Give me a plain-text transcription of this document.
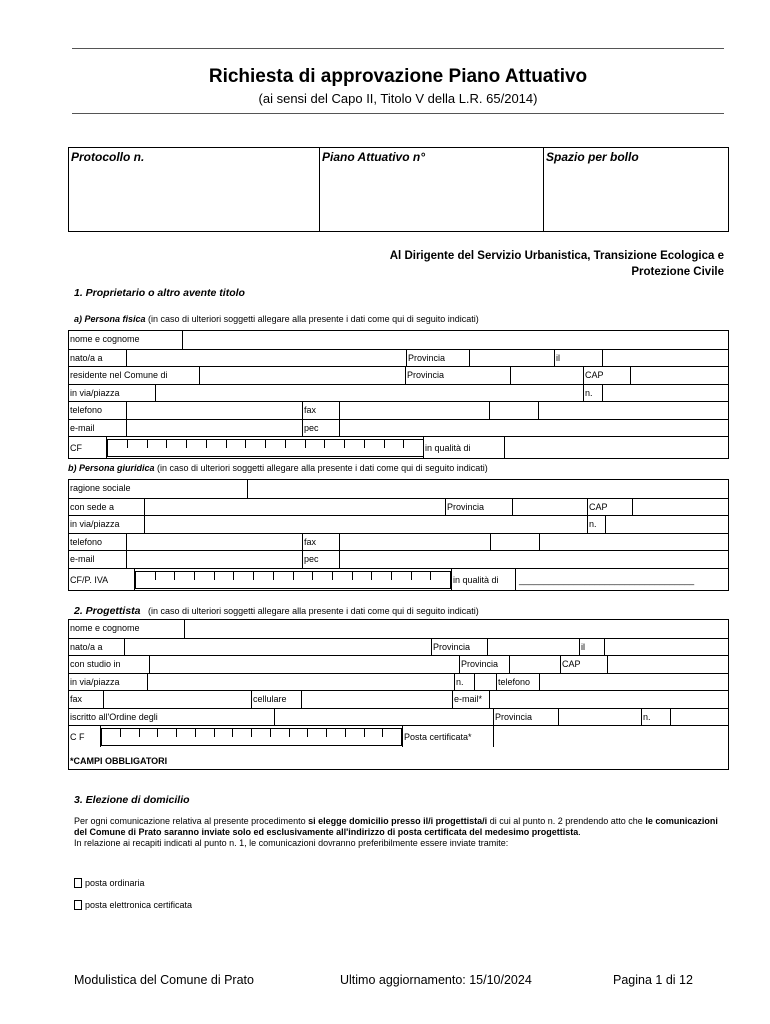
Richiesta di approvazione Piano Attuativo
(ai sensi del Capo II, Titolo V della L.R. 65/2014)
Protocollo n.	Piano Attuativo n°	Spazio per bollo
Al Dirigente del Servizio Urbanistica, Transizione Ecologica e
Protezione Civile
1. Proprietario o altro avente titolo
a) Persona fisica (in caso di ulteriori soggetti allegare alla presente i dati come qui di seguito indicati)
nome e cognome
nato/a a	Provincia	il
residente nel Comune di	Provincia	CAP
in via/piazza	n.
telefono	fax
e-mail	pec
CF	in qualità di
b) Persona giuridica (in caso di ulteriori soggetti allegare alla presente i dati come qui di seguito indicati)
ragione sociale
con sede a	Provincia	CAP
in via/piazza	n.
telefono	fax
e-mail	pec
CF/P. IVA	in qualità di ___________________________________
2. Progettista (in caso di ulteriori soggetti allegare alla presente i dati come qui di seguito indicati)
nome e cognome
nato/a a	Provincia	il
con studio in	Provincia	CAP
in via/piazza	n.	telefono
fax	cellulare	e-mail*
iscritto all'Ordine degli	Provincia	n.
C F	Posta certificata*
*CAMPI OBBLIGATORI
3. Elezione di domicilio
Per ogni comunicazione relativa al presente procedimento si elegge domicilio presso il/i progettista/i di cui al punto n. 2 prendendo atto che le comunicazioni del Comune di Prato saranno inviate solo ed esclusivamente all'indirizzo di posta certificata del medesimo progettista.
In relazione ai recapiti indicati al punto n. 1, le comunicazioni dovranno preferibilmente essere inviate tramite:
posta ordinaria
posta elettronica certificata
Modulistica del Comune di Prato	Ultimo aggiornamento: 15/10/2024	Pagina 1 di 12
